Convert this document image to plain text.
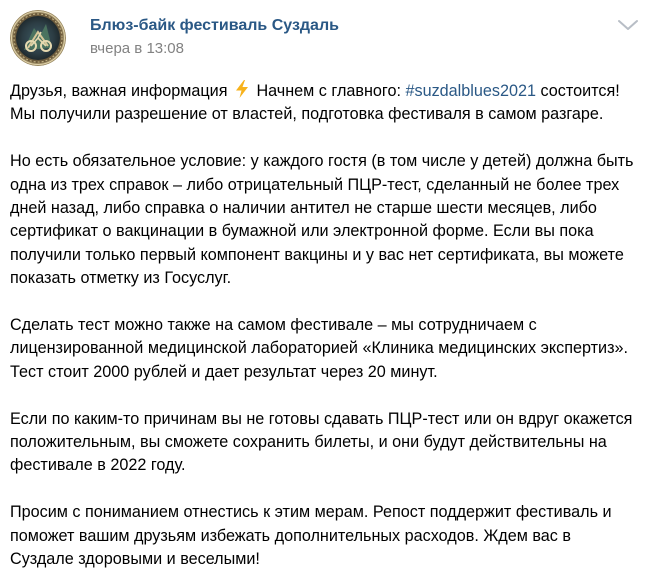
Блюз-байк фестиваль Суздаль
вчера в 13:08
Друзья, важная информация Начнем с главного: #suzdalblues2021 состоится!
Мы получили разрешение от властей, подготовка фестиваля в самом разгаре.
Но есть обязательное условие: у каждого гостя (в том числе у детей) должна быть
одна из трех справок – либо отрицательный ПЦР-тест, сделанный не более трех
дней назад, либо справка о наличии антител не старше шести месяцев, либо
сертификат о вакцинации в бумажной или электронной форме. Если вы пока
получили только первый компонент вакцины и у вас нет сертификата, вы можете
показать отметку из Госуслуг.
Сделать тест можно также на самом фестивале – мы сотрудничаем с
лицензированной медицинской лабораторией «Клиника медицинских экспертиз».
Тест стоит 2000 рублей и дает результат через 20 минут.
Если по каким-то причинам вы не готовы сдавать ПЦР-тест или он вдруг окажется
положительным, вы сможете сохранить билеты, и они будут действительны на
фестивале в 2022 году.
Просим с пониманием отнестись к этим мерам. Репост поддержит фестиваль и
поможет вашим друзьям избежать дополнительных расходов. Ждем вас в
Суздале здоровыми и веселыми!
